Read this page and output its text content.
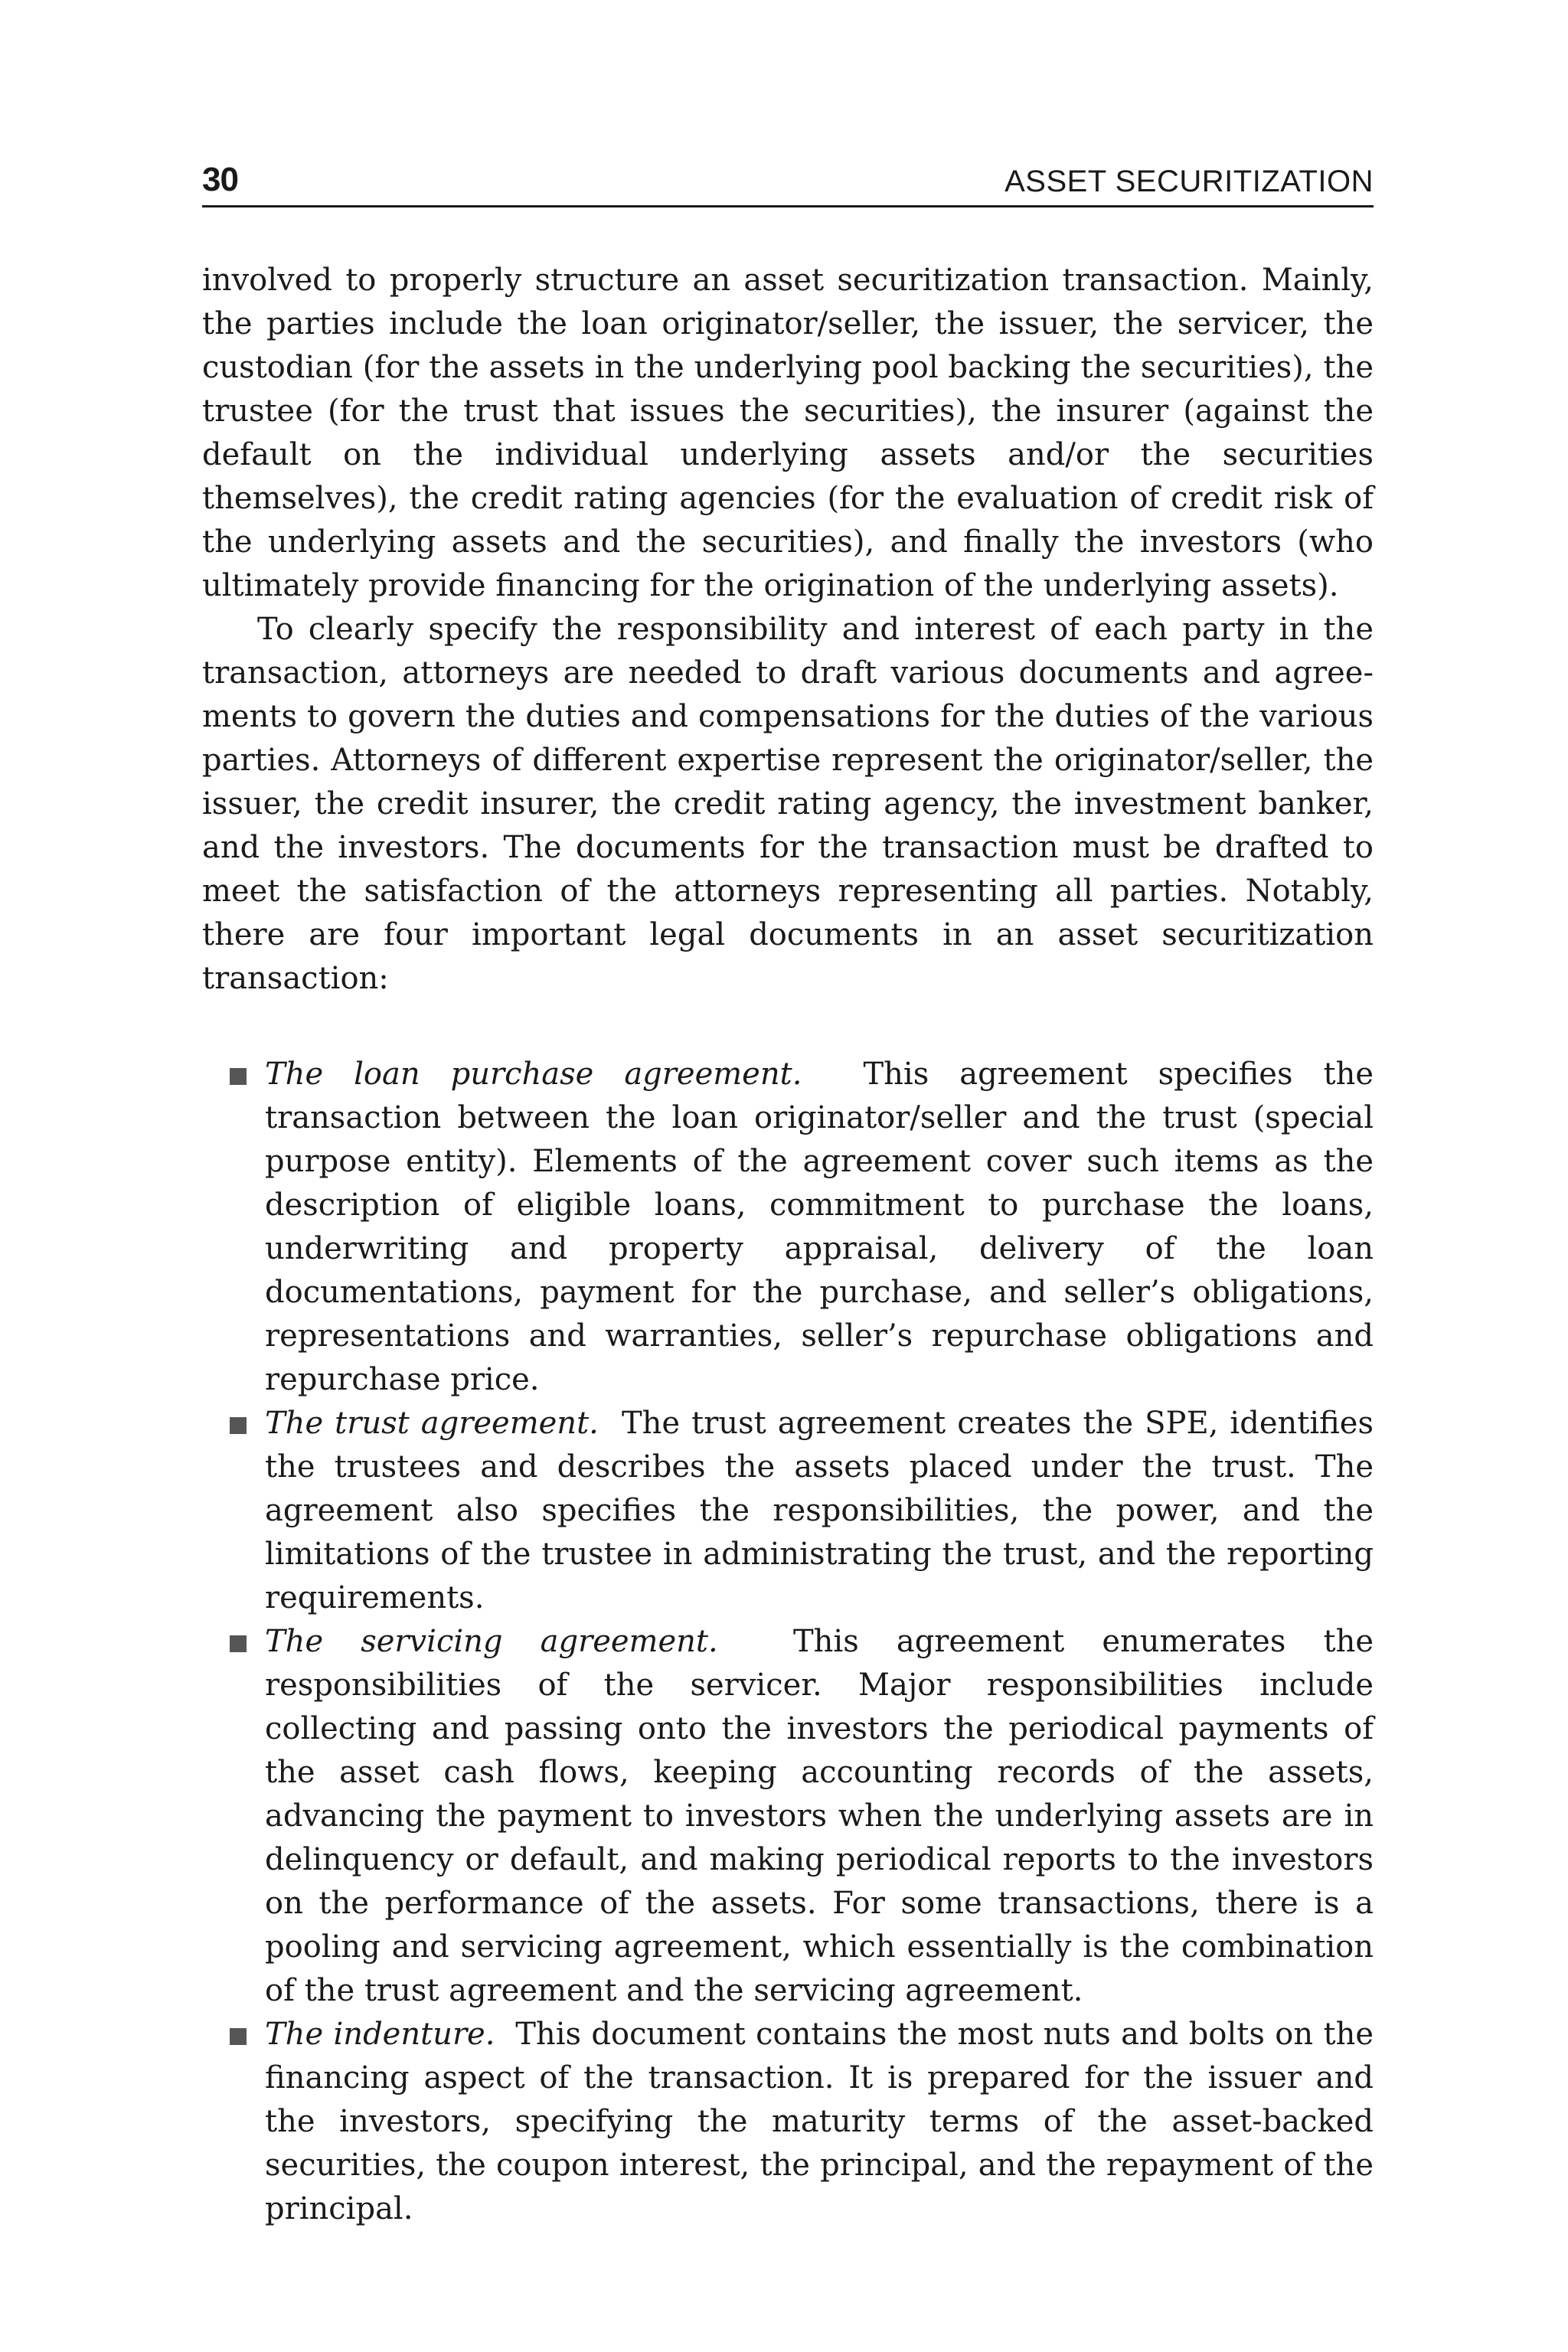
30	ASSET SECURITIZATION

involved to properly structure an asset securitization transaction. Mainly, the parties include the loan originator/seller, the issuer, the servicer, the custodian (for the assets in the underlying pool backing the securities), the trustee (for the trust that issues the securities), the insurer (against the default on the individual underlying assets and/or the securities themselves), the credit rating agencies (for the evaluation of credit risk of the underlying assets and the securities), and finally the investors (who ultimately provide financing for the origination of the underlying assets).

To clearly specify the responsibility and interest of each party in the transaction, attorneys are needed to draft various documents and agreements to govern the duties and compensations for the duties of the various parties. Attorneys of different expertise represent the originator/seller, the issuer, the credit insurer, the credit rating agency, the investment banker, and the investors. The documents for the transaction must be drafted to meet the satisfaction of the attorneys representing all parties. Notably, there are four important legal documents in an asset securitization transaction:

The loan purchase agreement. This agreement specifies the transaction between the loan originator/seller and the trust (special purpose entity). Elements of the agreement cover such items as the description of eligible loans, commitment to purchase the loans, underwriting and property appraisal, delivery of the loan documentations, payment for the purchase, and seller’s obligations, representations and warranties, seller’s repurchase obligations and repurchase price.
The trust agreement. The trust agreement creates the SPE, identifies the trustees and describes the assets placed under the trust. The agreement also specifies the responsibilities, the power, and the limitations of the trustee in administrating the trust, and the reporting requirements.
The servicing agreement. This agreement enumerates the responsibilities of the servicer. Major responsibilities include collecting and passing onto the investors the periodical payments of the asset cash flows, keeping accounting records of the assets, advancing the payment to investors when the underlying assets are in delinquency or default, and making periodical reports to the investors on the performance of the assets. For some transactions, there is a pooling and servicing agreement, which essentially is the combination of the trust agreement and the servicing agreement.
The indenture. This document contains the most nuts and bolts on the financing aspect of the transaction. It is prepared for the issuer and the investors, specifying the maturity terms of the asset-backed securities, the coupon interest, the principal, and the repayment of the principal.
